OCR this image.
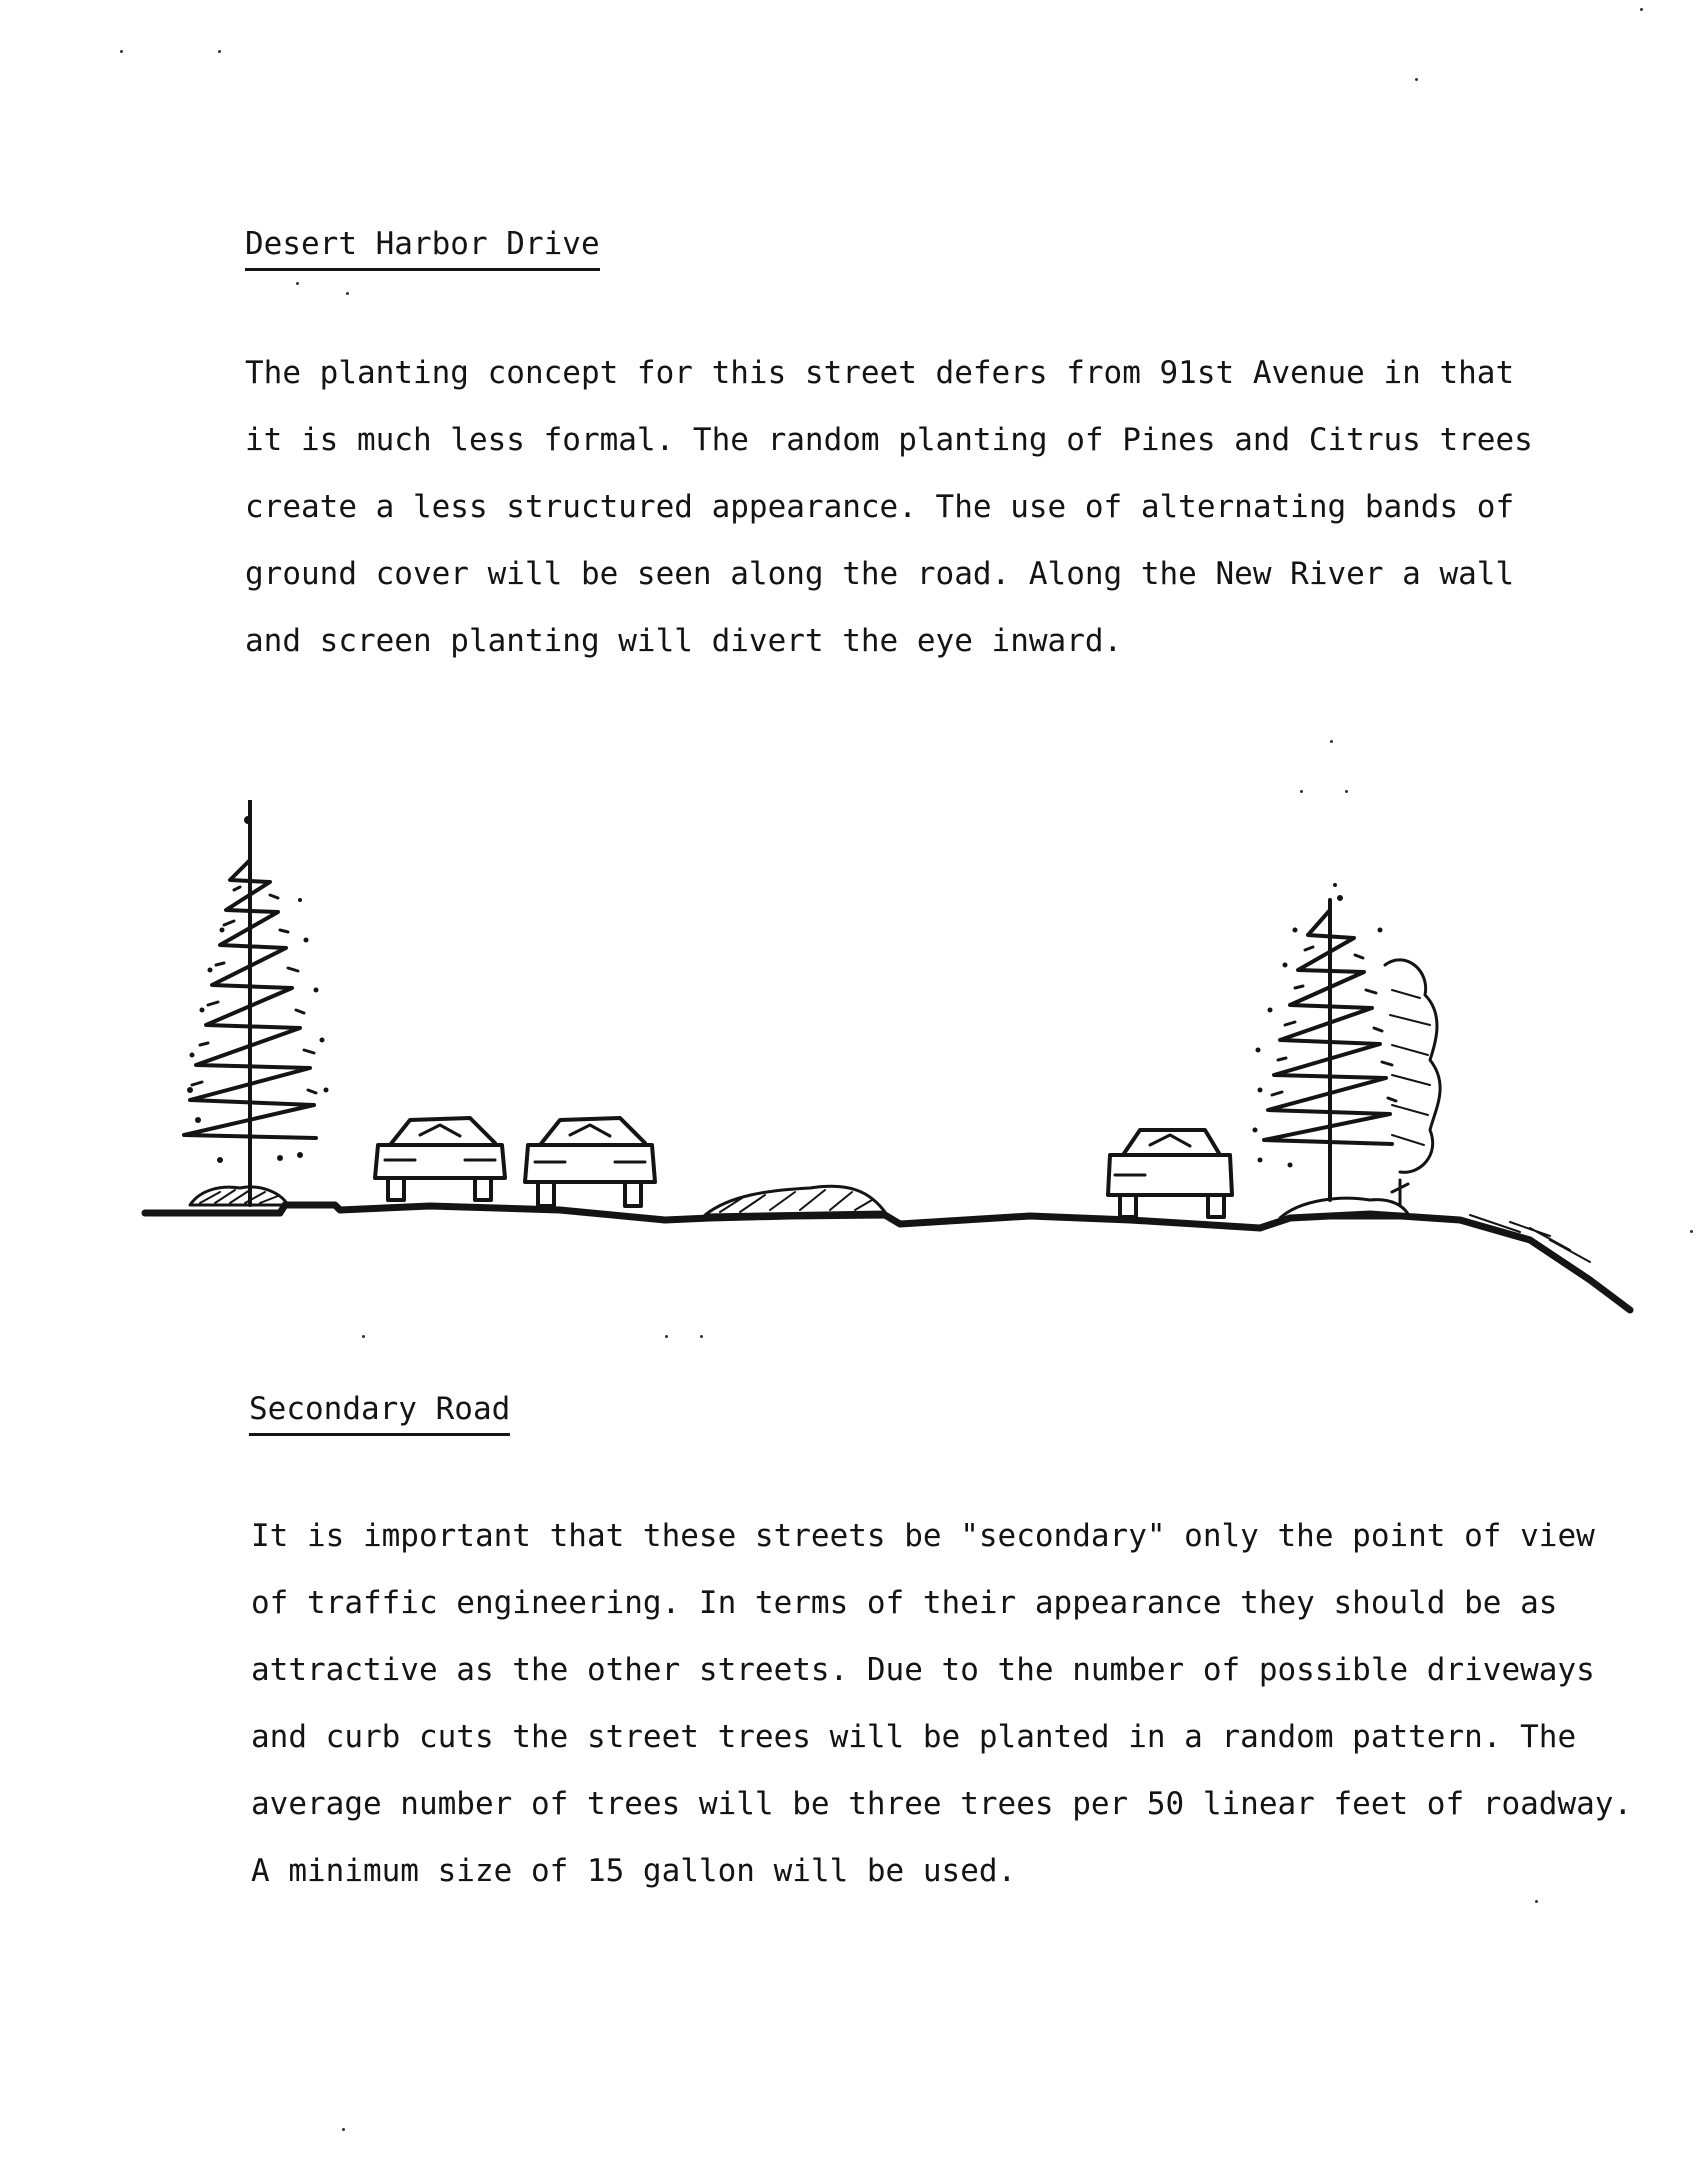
Desert Harbor Drive

The planting concept for this street defers from 91st Avenue in that
it is much less formal. The random planting of Pines and Citrus trees
create a less structured appearance. The use of alternating bands of
ground cover will be seen along the road. Along the New River a wall
and screen planting will divert the eye inward.

Secondary Road

It is important that these streets be "secondary" only the point of view
of traffic engineering. In terms of their appearance they should be as
attractive as the other streets. Due to the number of possible driveways
and curb cuts the street trees will be planted in a random pattern. The
average number of trees will be three trees per 50 linear feet of roadway.
A minimum size of 15 gallon will be used.
